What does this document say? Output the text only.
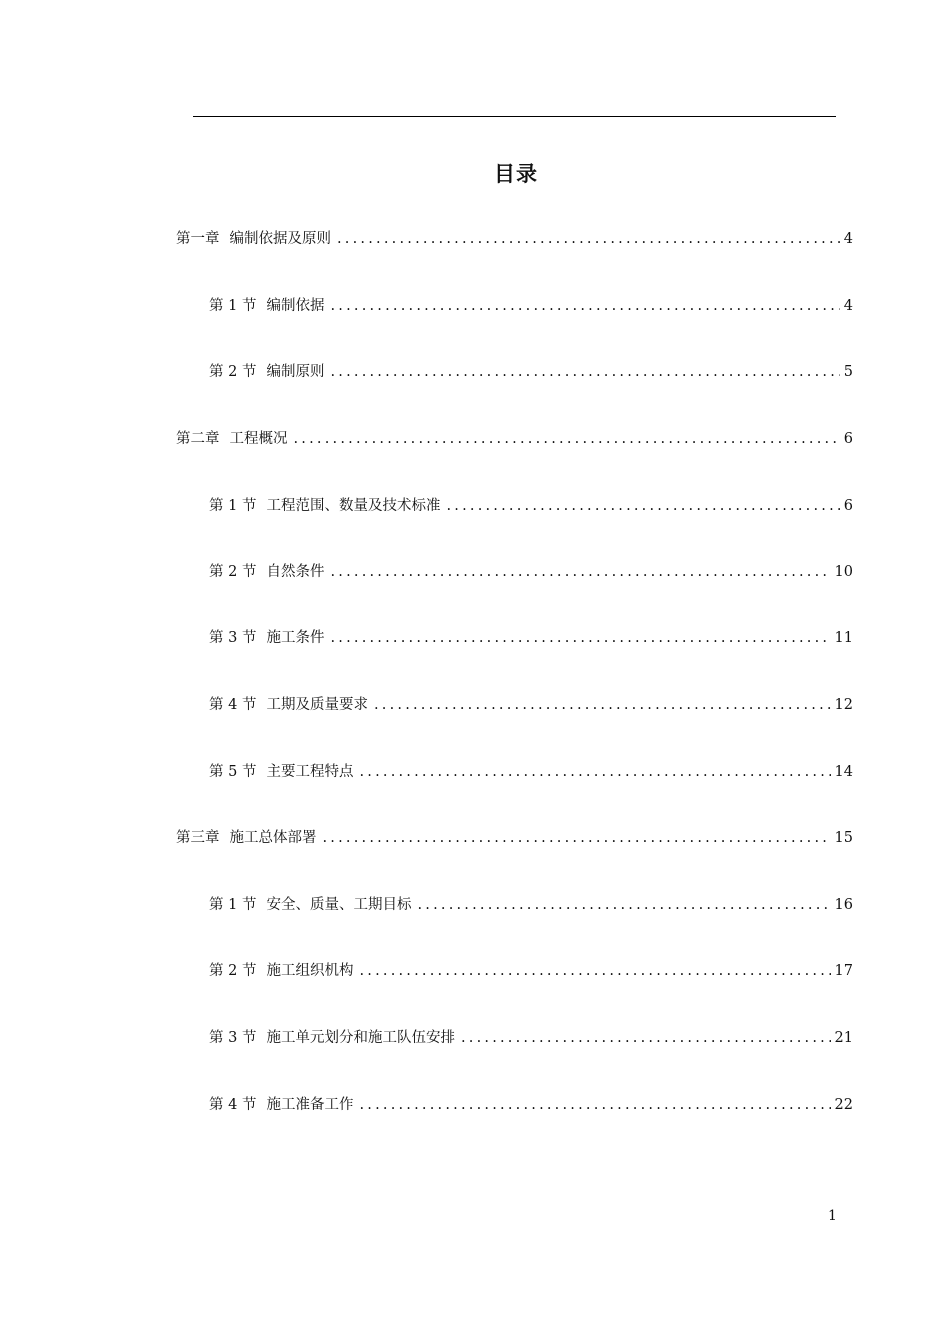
目录
第一章 编制依据及原则 .....	4
第 1 节 编制依据 .....	4
第 2 节 编制原则 .....	5
第二章 工程概况 .....	6
第 1 节 工程范围、数量及技术标准 .....	6
第 2 节 自然条件 .....	10
第 3 节 施工条件 .....	11
第 4 节 工期及质量要求 .....	12
第 5 节 主要工程特点 .....	14
第三章 施工总体部署 .....	15
第 1 节 安全、质量、工期目标 .....	16
第 2 节 施工组织机构 .....	17
第 3 节 施工单元划分和施工队伍安排 .....	21
第 4 节 施工准备工作 .....	22
1
